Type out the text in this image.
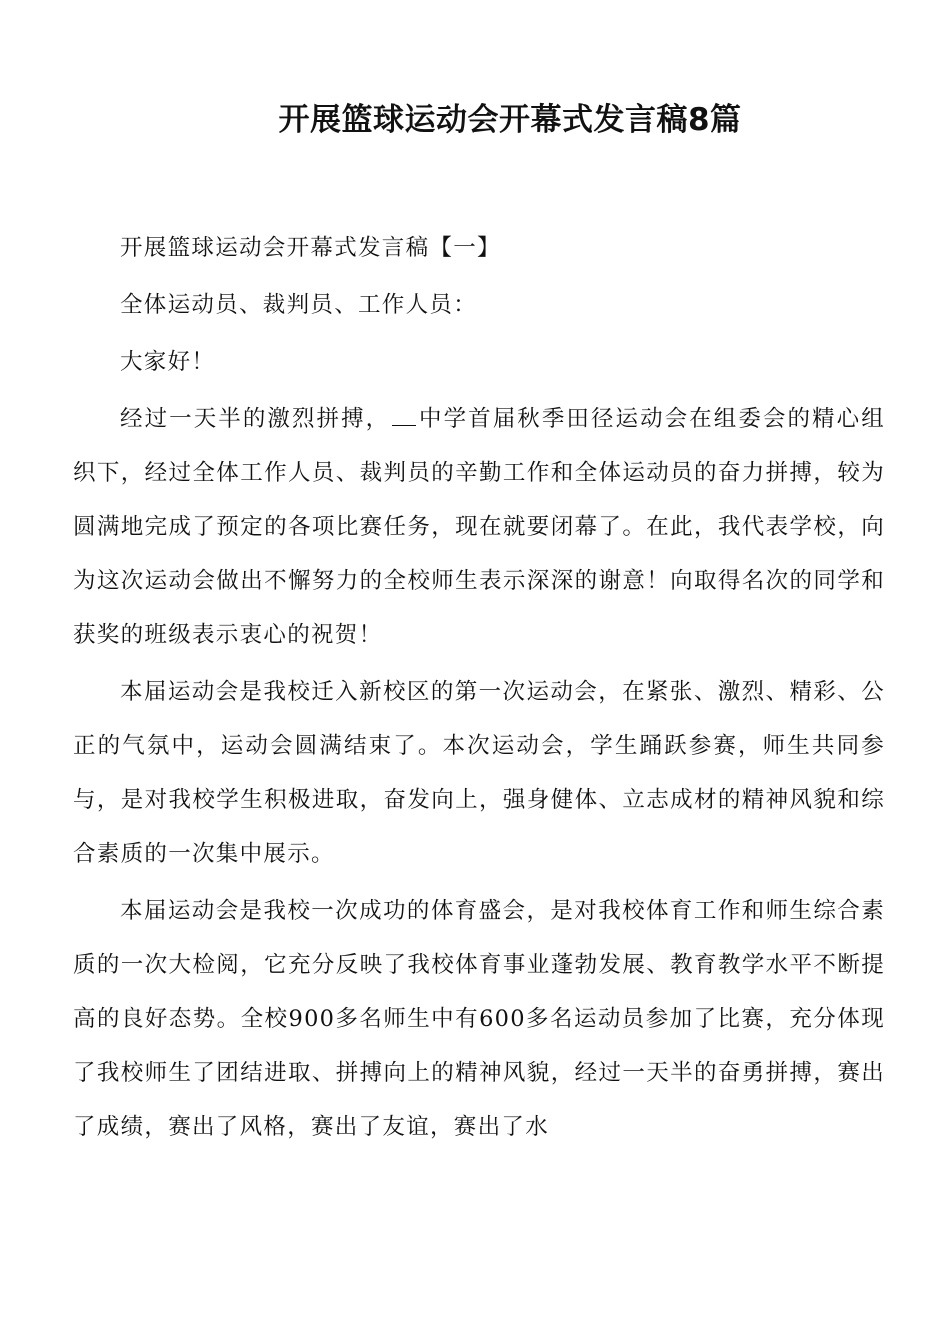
开展篮球运动会开幕式发言稿8篇

开展篮球运动会开幕式发言稿【一】

全体运动员、裁判员、工作人员：

大家好！

经过一天半的激烈拼搏， 中学首届秋季田径运动会在组委会的精心组织下，经过全体工作人员、裁判员的辛勤工作和全体运动员的奋力拼搏，较为圆满地完成了预定的各项比赛任务，现在就要闭幕了。在此，我代表学校，向为这次运动会做出不懈努力的全校师生表示深深的谢意！向取得名次的同学和获奖的班级表示衷心的祝贺！

本届运动会是我校迁入新校区的第一次运动会，在紧张、激烈、精彩、公正的气氛中，运动会圆满结束了。本次运动会，学生踊跃参赛，师生共同参与，是对我校学生积极进取，奋发向上，强身健体、立志成材的精神风貌和综合素质的一次集中展示。

本届运动会是我校一次成功的体育盛会，是对我校体育工作和师生综合素质的一次大检阅，它充分反映了我校体育事业蓬勃发展、教育教学水平不断提高的良好态势。全校900多名师生中有600多名运动员参加了比赛，充分体现了我校师生了团结进取、拼搏向上的精神风貌，经过一天半的奋勇拼搏，赛出了成绩，赛出了风格，赛出了友谊，赛出了水
